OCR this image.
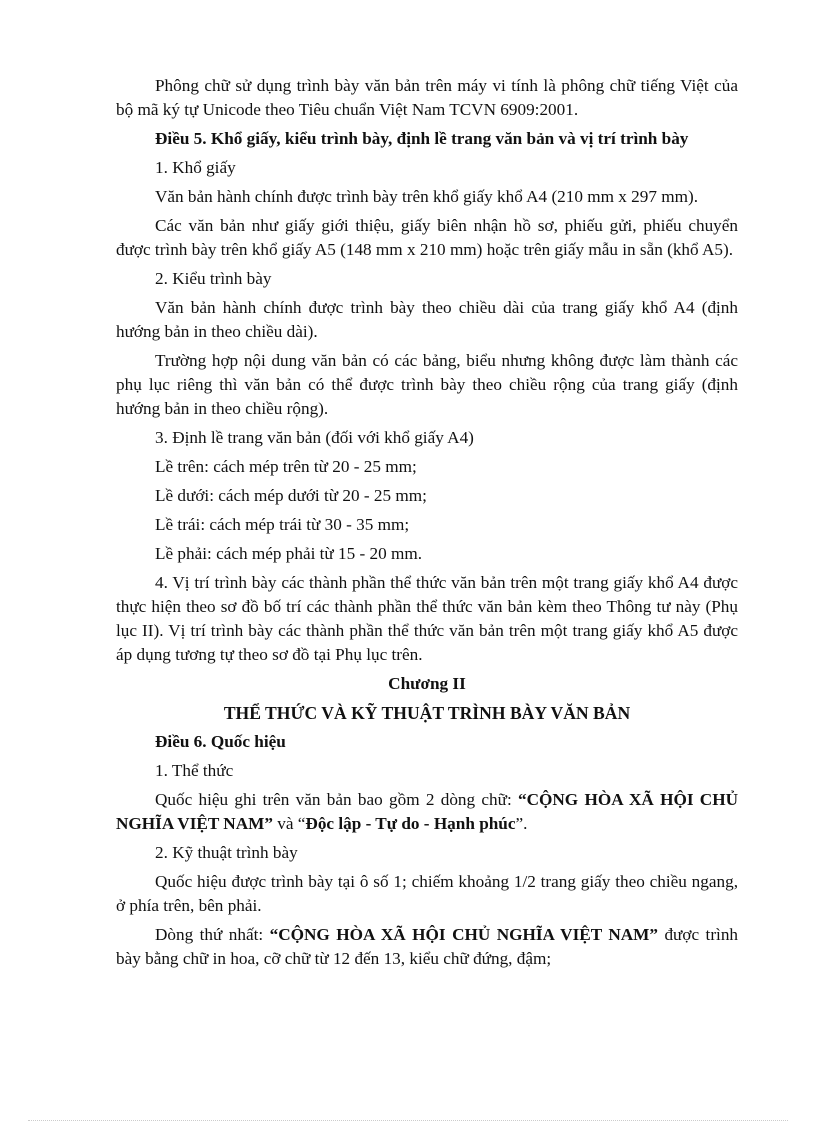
Phông chữ sử dụng trình bày văn bản trên máy vi tính là phông chữ tiếng Việt của bộ mã ký tự Unicode theo Tiêu chuẩn Việt Nam TCVN 6909:2001.

Điều 5. Khổ giấy, kiểu trình bày, định lề trang văn bản và vị trí trình bày

1. Khổ giấy

Văn bản hành chính được trình bày trên khổ giấy khổ A4 (210 mm x 297 mm).

Các văn bản như giấy giới thiệu, giấy biên nhận hồ sơ, phiếu gửi, phiếu chuyển được trình bày trên khổ giấy A5 (148 mm x 210 mm) hoặc trên giấy mẫu in sẵn (khổ A5).

2. Kiểu trình bày

Văn bản hành chính được trình bày theo chiều dài của trang giấy khổ A4 (định hướng bản in theo chiều dài).

Trường hợp nội dung văn bản có các bảng, biểu nhưng không được làm thành các phụ lục riêng thì văn bản có thể được trình bày theo chiều rộng của trang giấy (định hướng bản in theo chiều rộng).

3. Định lề trang văn bản (đối với khổ giấy A4)

Lề trên: cách mép trên từ 20 - 25 mm;

Lề dưới: cách mép dưới từ 20 - 25 mm;

Lề trái: cách mép trái từ 30 - 35 mm;

Lề phải: cách mép phải từ 15 - 20 mm.

4. Vị trí trình bày các thành phần thể thức văn bản trên một trang giấy khổ A4 được thực hiện theo sơ đồ bố trí các thành phần thể thức văn bản kèm theo Thông tư này (Phụ lục II). Vị trí trình bày các thành phần thể thức văn bản trên một trang giấy khổ A5 được áp dụng tương tự theo sơ đồ tại Phụ lục trên.

Chương II

THỂ THỨC VÀ KỸ THUẬT TRÌNH BÀY VĂN BẢN

Điều 6. Quốc hiệu

1. Thể thức

Quốc hiệu ghi trên văn bản bao gồm 2 dòng chữ: “CỘNG HÒA XÃ HỘI CHỦ NGHĨA VIỆT NAM” và “Độc lập - Tự do - Hạnh phúc”.

2. Kỹ thuật trình bày

Quốc hiệu được trình bày tại ô số 1; chiếm khoảng 1/2 trang giấy theo chiều ngang, ở phía trên, bên phải.

Dòng thứ nhất: “CỘNG HÒA XÃ HỘI CHỦ NGHĨA VIỆT NAM” được trình bày bằng chữ in hoa, cỡ chữ từ 12 đến 13, kiểu chữ đứng, đậm;
